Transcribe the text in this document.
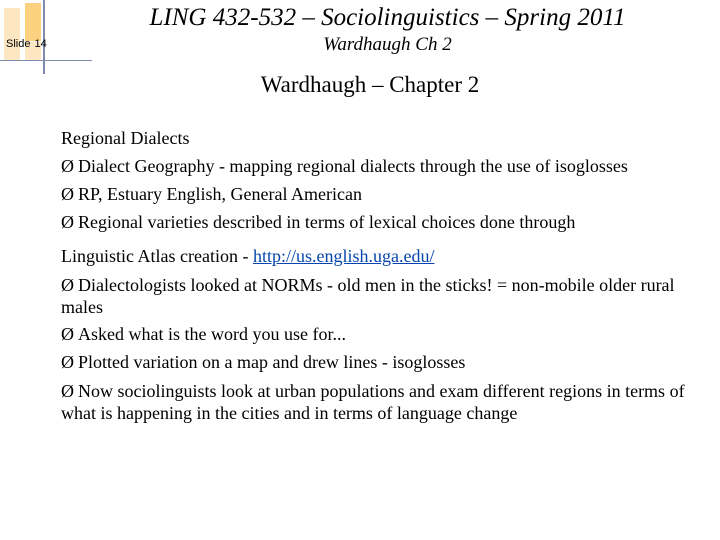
Slide 14
LING 432-532 – Sociolinguistics – Spring 2011
Wardhaugh Ch 2
Wardhaugh – Chapter 2
Regional Dialects
Ø Dialect Geography - mapping regional dialects through the use of isoglosses
Ø RP, Estuary English, General American
Ø Regional varieties described in terms of lexical choices done through
Linguistic Atlas creation - http://us.english.uga.edu/
Ø Dialectologists looked at NORMs - old men in the sticks! = non-mobile older rural males
Ø Asked what is the word you use for...
Ø Plotted variation on a map and drew lines - isoglosses
Ø Now sociolinguists look at urban populations and exam different regions in terms of what is happening in the cities and in terms of language change
